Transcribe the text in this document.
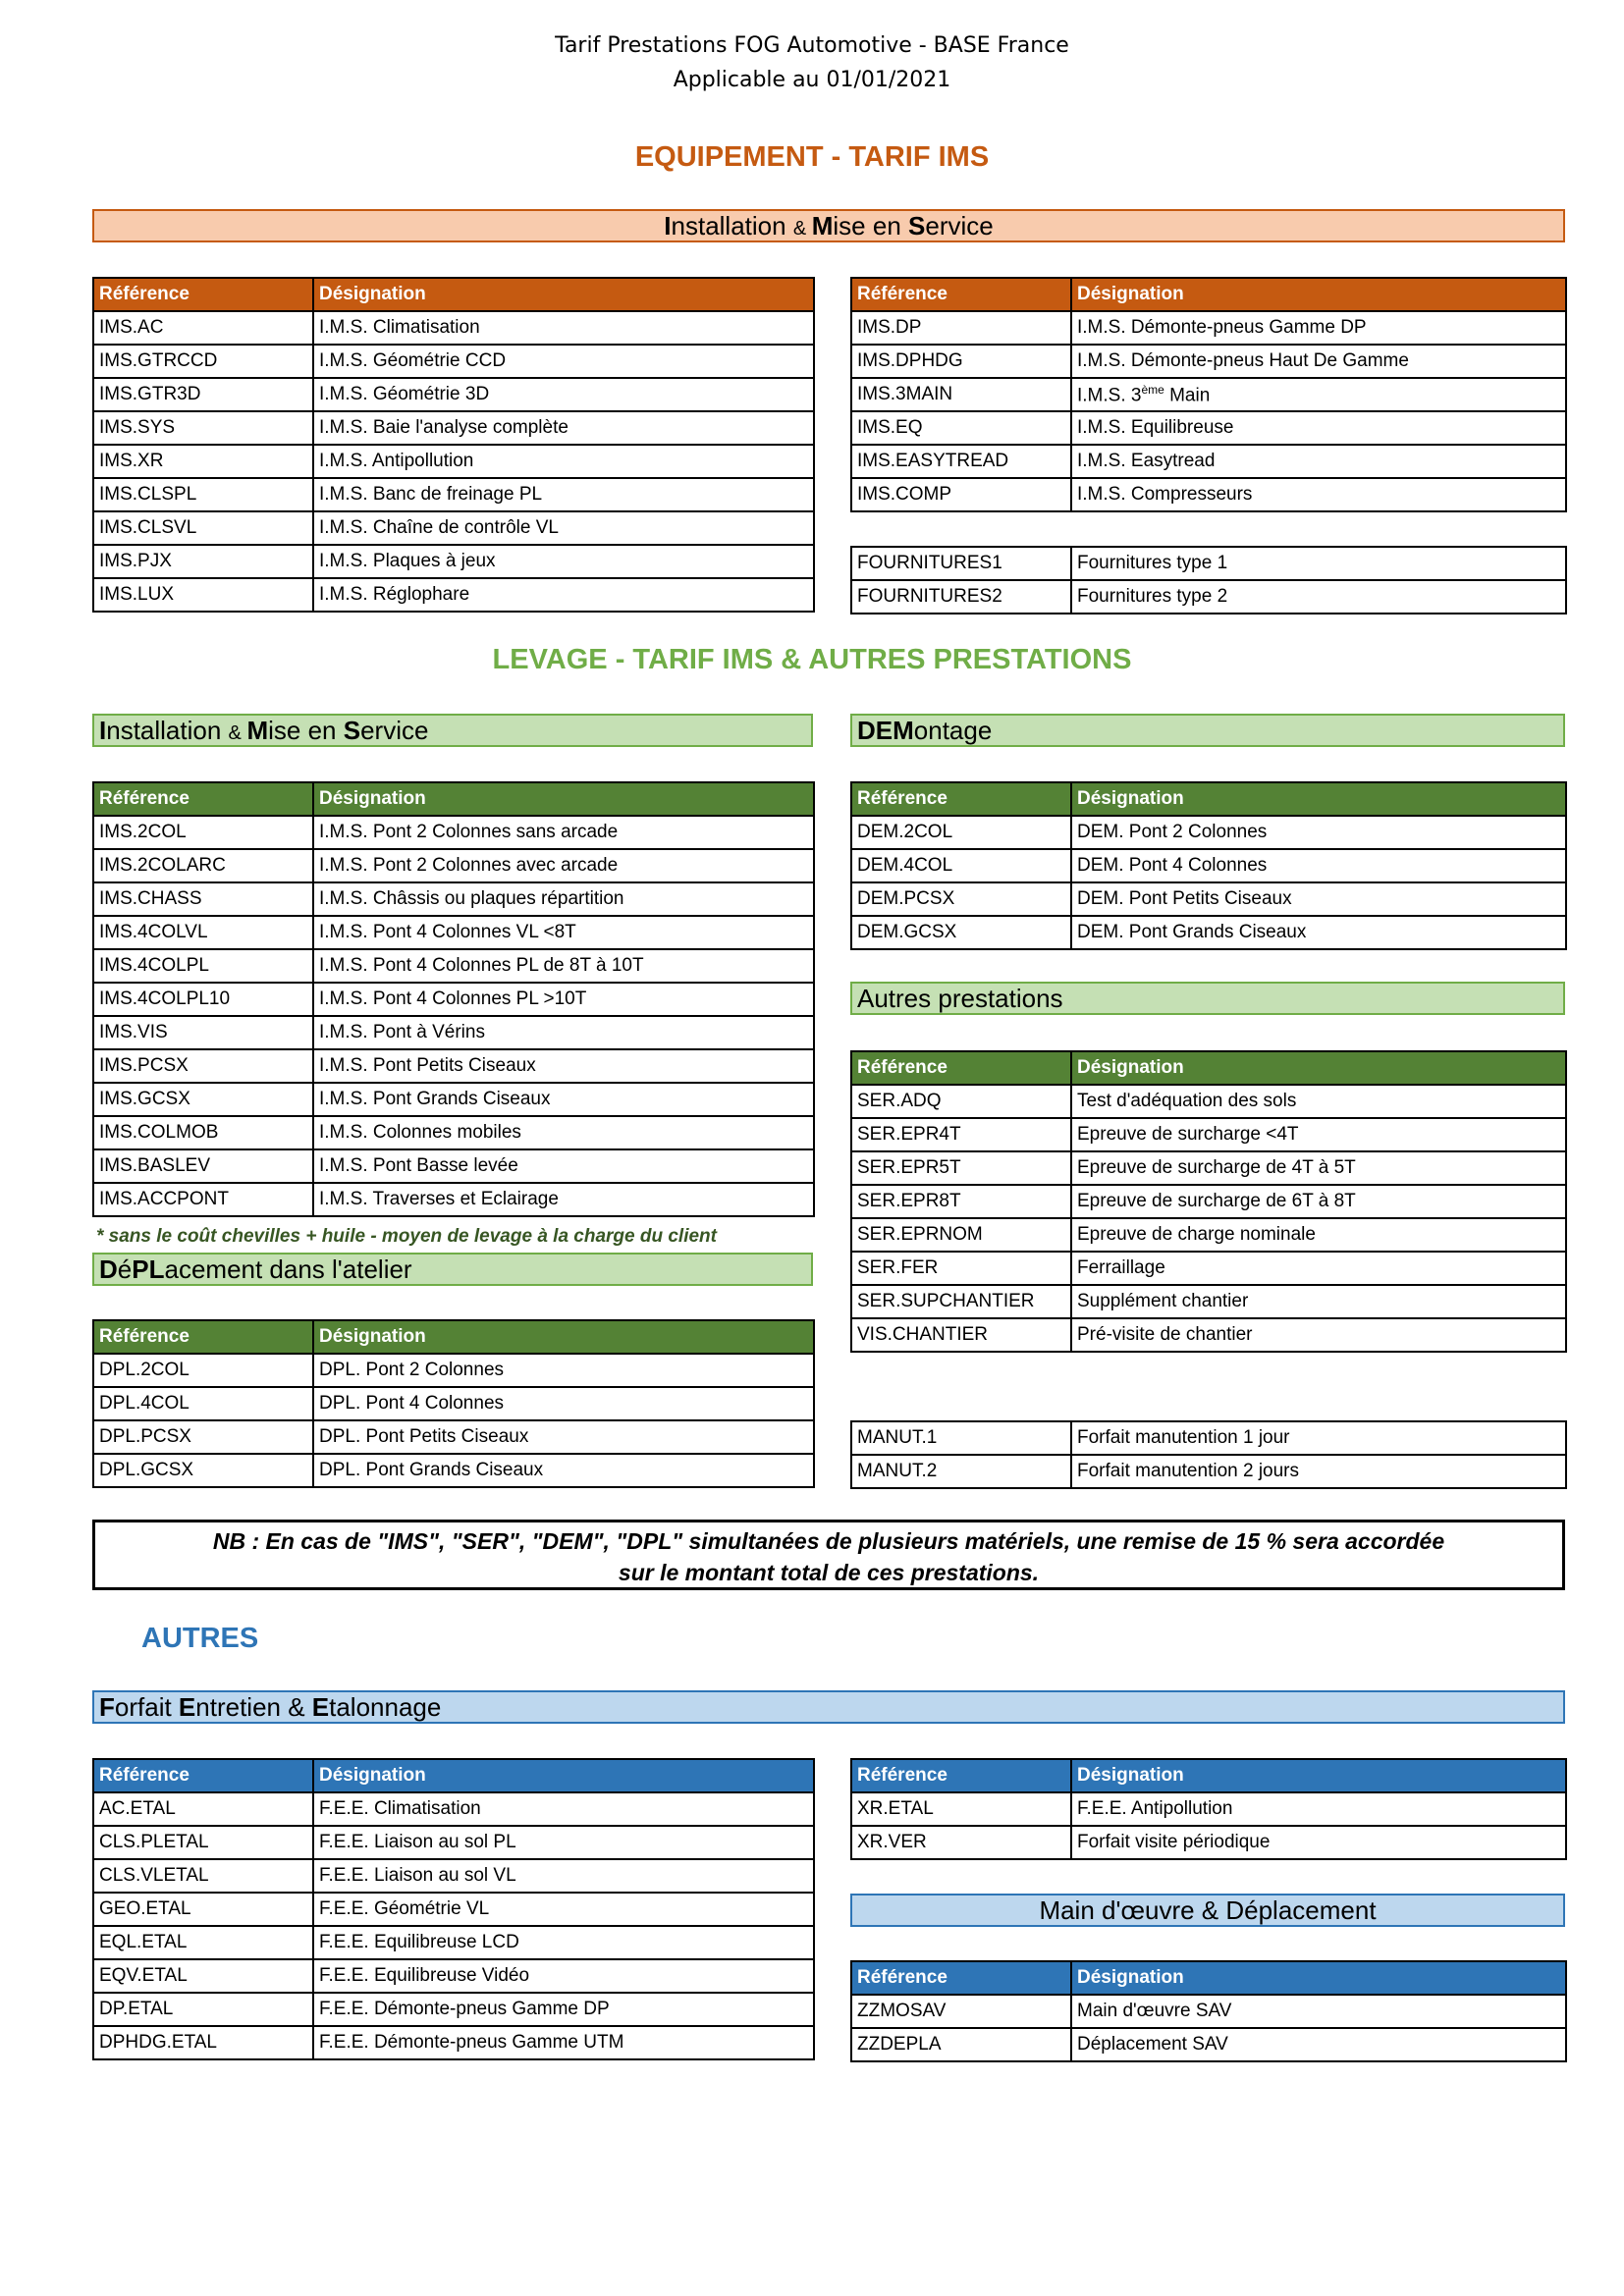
Tarif Prestations FOG Automotive - BASE France
Applicable au 01/01/2021
EQUIPEMENT - TARIF IMS
Installation & Mise en Service
Référence	Désignation
IMS.AC	I.M.S. Climatisation
IMS.GTRCCD	I.M.S. Géométrie CCD
IMS.GTR3D	I.M.S. Géométrie 3D
IMS.SYS	I.M.S. Baie l'analyse complète
IMS.XR	I.M.S. Antipollution
IMS.CLSPL	I.M.S. Banc de freinage PL
IMS.CLSVL	I.M.S. Chaîne de contrôle VL
IMS.PJX	I.M.S. Plaques à jeux
IMS.LUX	I.M.S. Réglophare
Référence	Désignation
IMS.DP	I.M.S. Démonte-pneus Gamme DP
IMS.DPHDG	I.M.S. Démonte-pneus Haut De Gamme
IMS.3MAIN	I.M.S. 3ème Main
IMS.EQ	I.M.S. Equilibreuse
IMS.EASYTREAD	I.M.S. Easytread
IMS.COMP	I.M.S. Compresseurs
FOURNITURES1	Fournitures type 1
FOURNITURES2	Fournitures type 2
LEVAGE - TARIF IMS & AUTRES PRESTATIONS
Installation & Mise en Service	DEMontage
Référence	Désignation
IMS.2COL	I.M.S. Pont 2 Colonnes sans arcade
IMS.2COLARC	I.M.S. Pont 2 Colonnes avec arcade
IMS.CHASS	I.M.S. Châssis ou plaques répartition
IMS.4COLVL	I.M.S. Pont 4 Colonnes VL <8T
IMS.4COLPL	I.M.S. Pont 4 Colonnes PL de 8T à 10T
IMS.4COLPL10	I.M.S. Pont 4 Colonnes PL >10T
IMS.VIS	I.M.S. Pont à Vérins
IMS.PCSX	I.M.S. Pont Petits Ciseaux
IMS.GCSX	I.M.S. Pont Grands Ciseaux
IMS.COLMOB	I.M.S. Colonnes mobiles
IMS.BASLEV	I.M.S. Pont Basse levée
IMS.ACCPONT	I.M.S. Traverses et Eclairage
Référence	Désignation
DEM.2COL	DEM. Pont 2 Colonnes
DEM.4COL	DEM. Pont 4 Colonnes
DEM.PCSX	DEM. Pont Petits Ciseaux
DEM.GCSX	DEM. Pont Grands Ciseaux
Autres prestations
Référence	Désignation
SER.ADQ	Test d'adéquation des sols
SER.EPR4T	Epreuve de surcharge <4T
SER.EPR5T	Epreuve de surcharge de 4T à 5T
SER.EPR8T	Epreuve de surcharge de 6T à 8T
SER.EPRNOM	Epreuve de charge nominale
SER.FER	Ferraillage
SER.SUPCHANTIER	Supplément chantier
VIS.CHANTIER	Pré-visite de chantier
* sans le coût chevilles + huile - moyen de levage à la charge du client
DéPLacement dans l'atelier
Référence	Désignation
DPL.2COL	DPL. Pont 2 Colonnes
DPL.4COL	DPL. Pont 4 Colonnes
DPL.PCSX	DPL. Pont Petits Ciseaux
DPL.GCSX	DPL. Pont Grands Ciseaux
MANUT.1	Forfait manutention 1 jour
MANUT.2	Forfait manutention 2 jours
NB : En cas de "IMS", "SER", "DEM", "DPL" simultanées de plusieurs matériels, une remise de 15 % sera accordée
sur le montant total de ces prestations.
AUTRES
Forfait Entretien & Etalonnage
Référence	Désignation
AC.ETAL	F.E.E. Climatisation
CLS.PLETAL	F.E.E. Liaison au sol PL
CLS.VLETAL	F.E.E. Liaison au sol VL
GEO.ETAL	F.E.E. Géométrie VL
EQL.ETAL	F.E.E. Equilibreuse LCD
EQV.ETAL	F.E.E. Equilibreuse Vidéo
DP.ETAL	F.E.E. Démonte-pneus Gamme DP
DPHDG.ETAL	F.E.E. Démonte-pneus Gamme UTM
Référence	Désignation
XR.ETAL	F.E.E. Antipollution
XR.VER	Forfait visite périodique
Main d'œuvre & Déplacement
Référence	Désignation
ZZMOSAV	Main d'œuvre SAV
ZZDEPLA	Déplacement SAV
